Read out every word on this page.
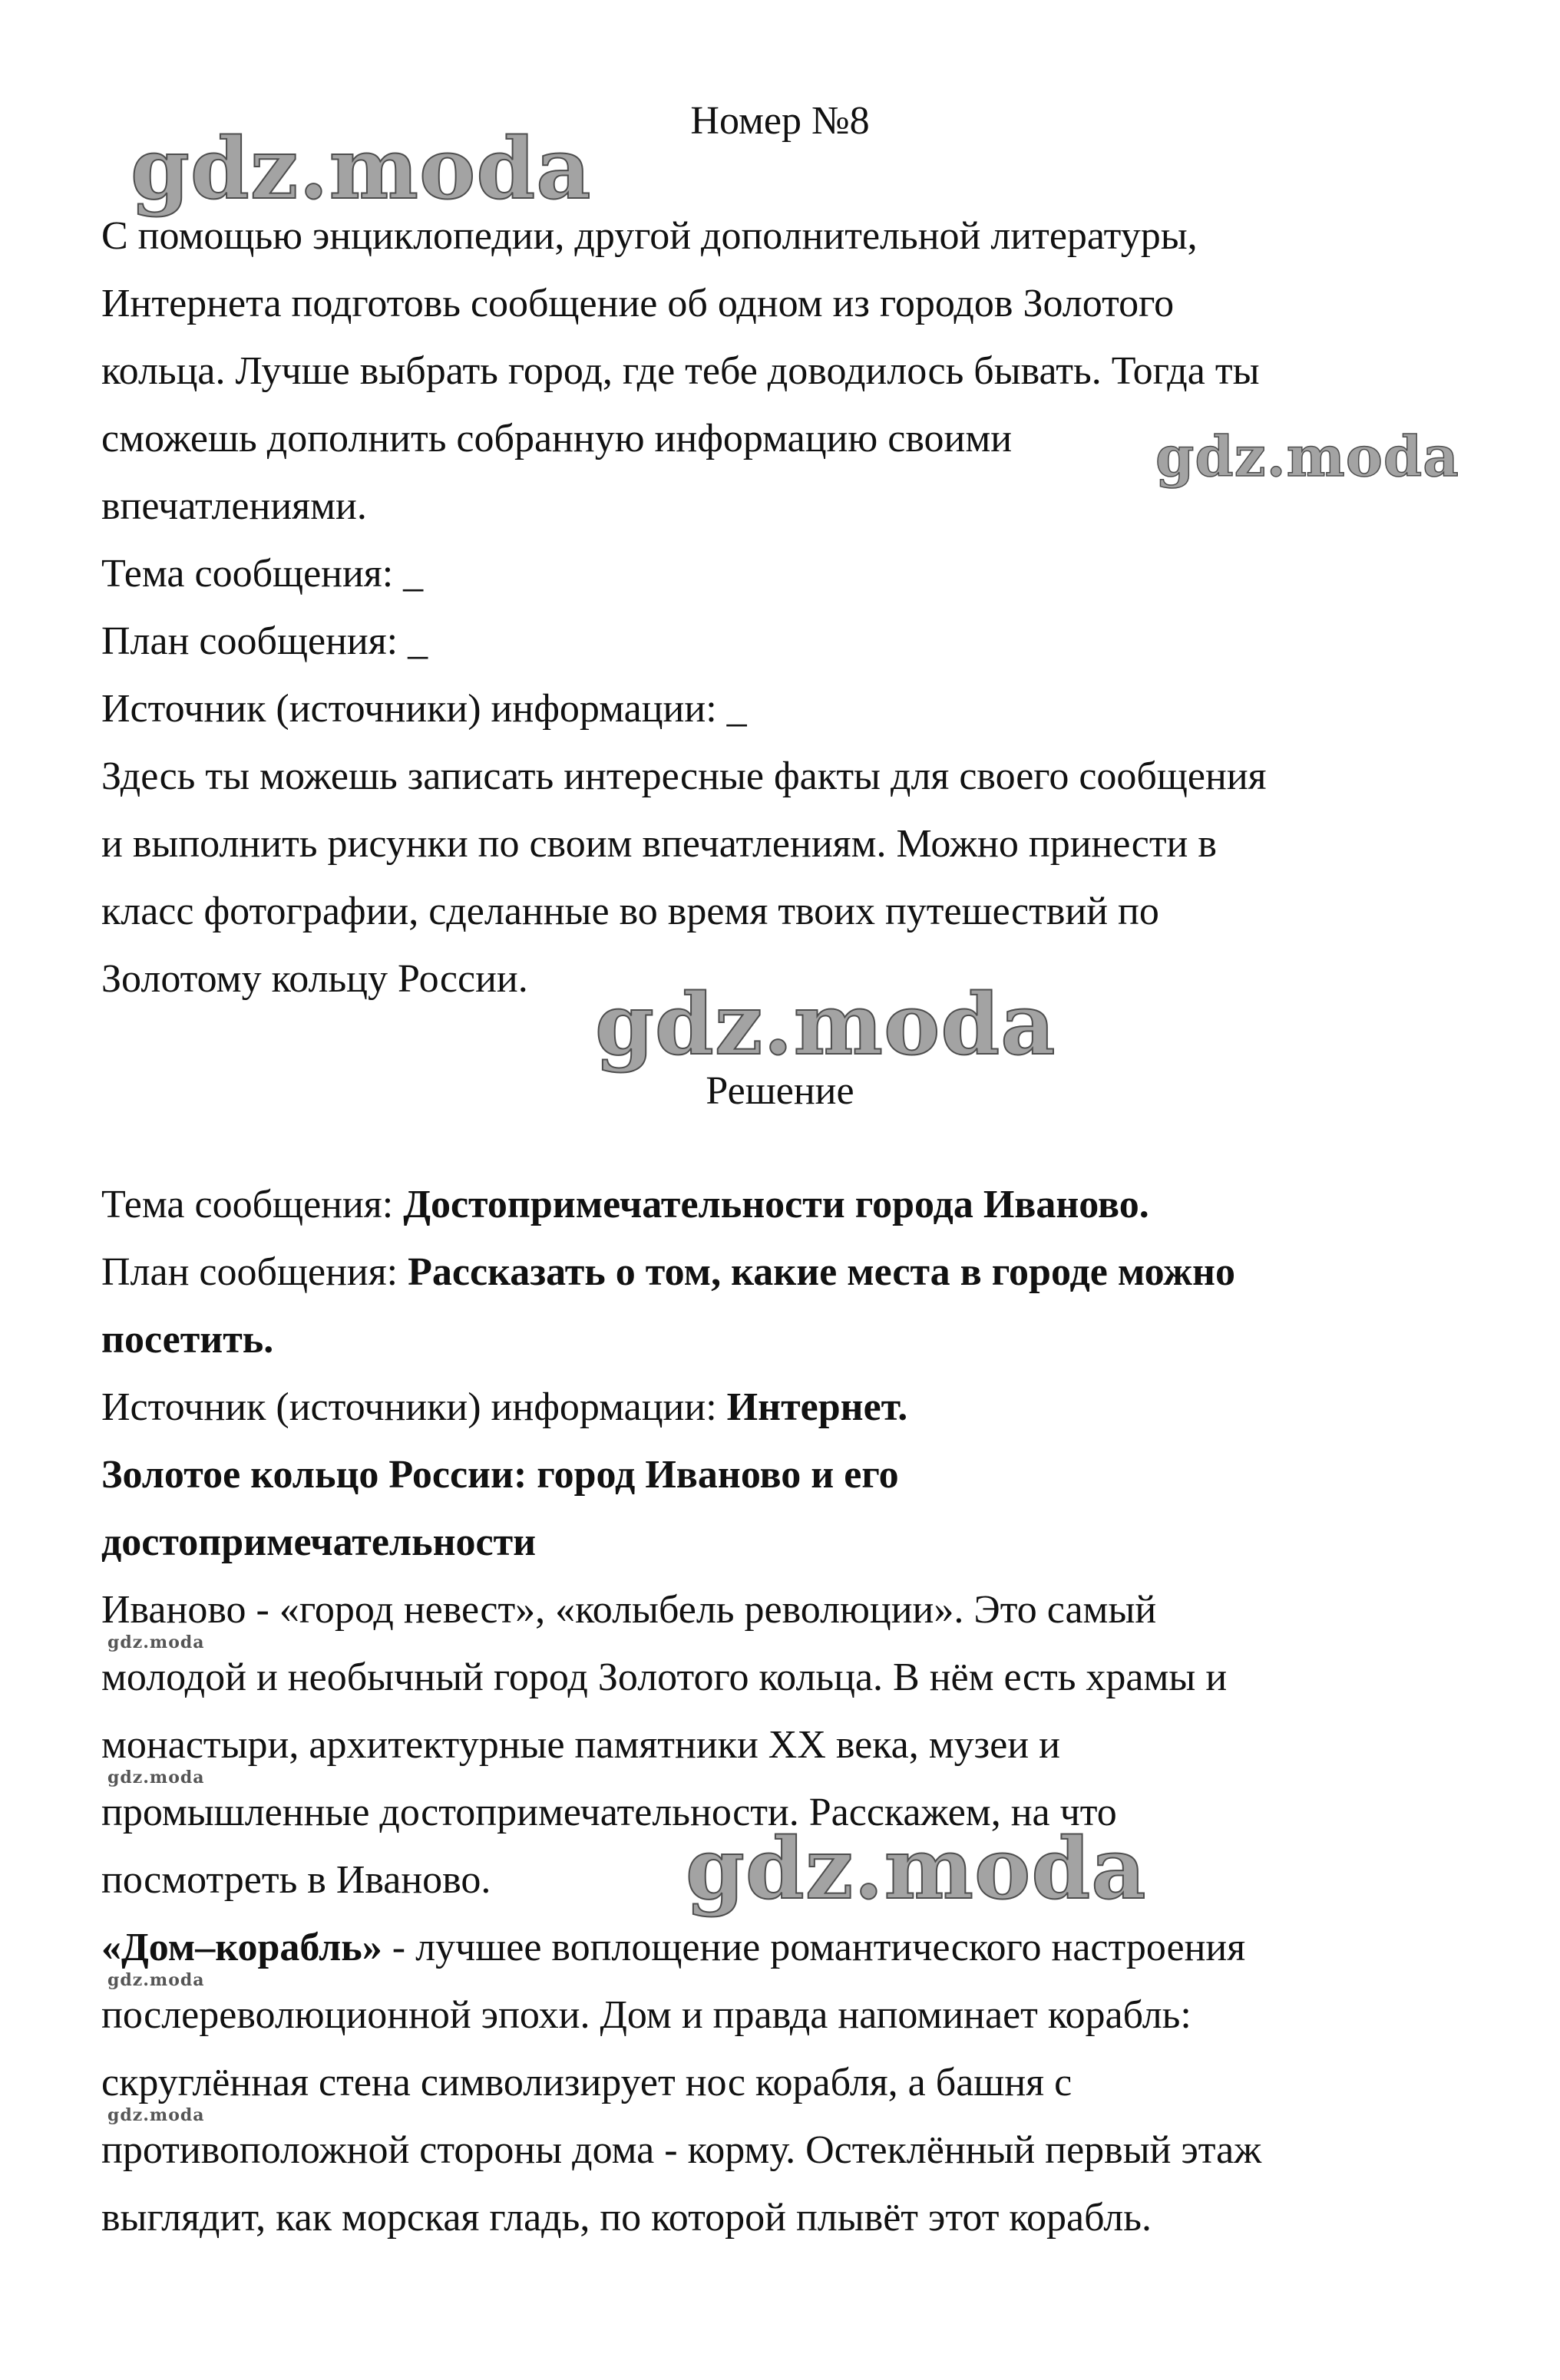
Номер №8
С помощью энциклопедии, другой дополнительной литературы,
Интернета подготовь сообщение об одном из городов Золотого
кольца. Лучше выбрать город, где тебе доводилось бывать. Тогда ты
сможешь дополнить собранную информацию своими
впечатлениями.
Тема сообщения: _
План сообщения: _
Источник (источники) информации: _
Здесь ты можешь записать интересные факты для своего сообщения
и выполнить рисунки по своим впечатлениям. Можно принести в
класс фотографии, сделанные во время твоих путешествий по
Золотому кольцу России.
Решение
Тема сообщения: Достопримечательности города Иваново.
План сообщения: Рассказать о том, какие места в городе можно
посетить.
Источник (источники) информации: Интернет.
Золотое кольцо России: город Иваново и его
достопримечательности
Иваново - «город невест», «колыбель революции». Это самый
молодой и необычный город Золотого кольца. В нём есть храмы и
монастыри, архитектурные памятники XX века, музеи и
промышленные достопримечательности. Расскажем, на что
посмотреть в Иваново.
«Дом–корабль» - лучшее воплощение романтического настроения
послереволюционной эпохи. Дом и правда напоминает корабль:
скруглённая стена символизирует нос корабля, а башня с
противоположной стороны дома - корму. Остеклённый первый этаж
выглядит, как морская гладь, по которой плывёт этот корабль.
gdz.moda
gdz.moda
gdz.moda
gdz.moda
gdz.moda
gdz.moda
gdz.moda
gdz.moda
